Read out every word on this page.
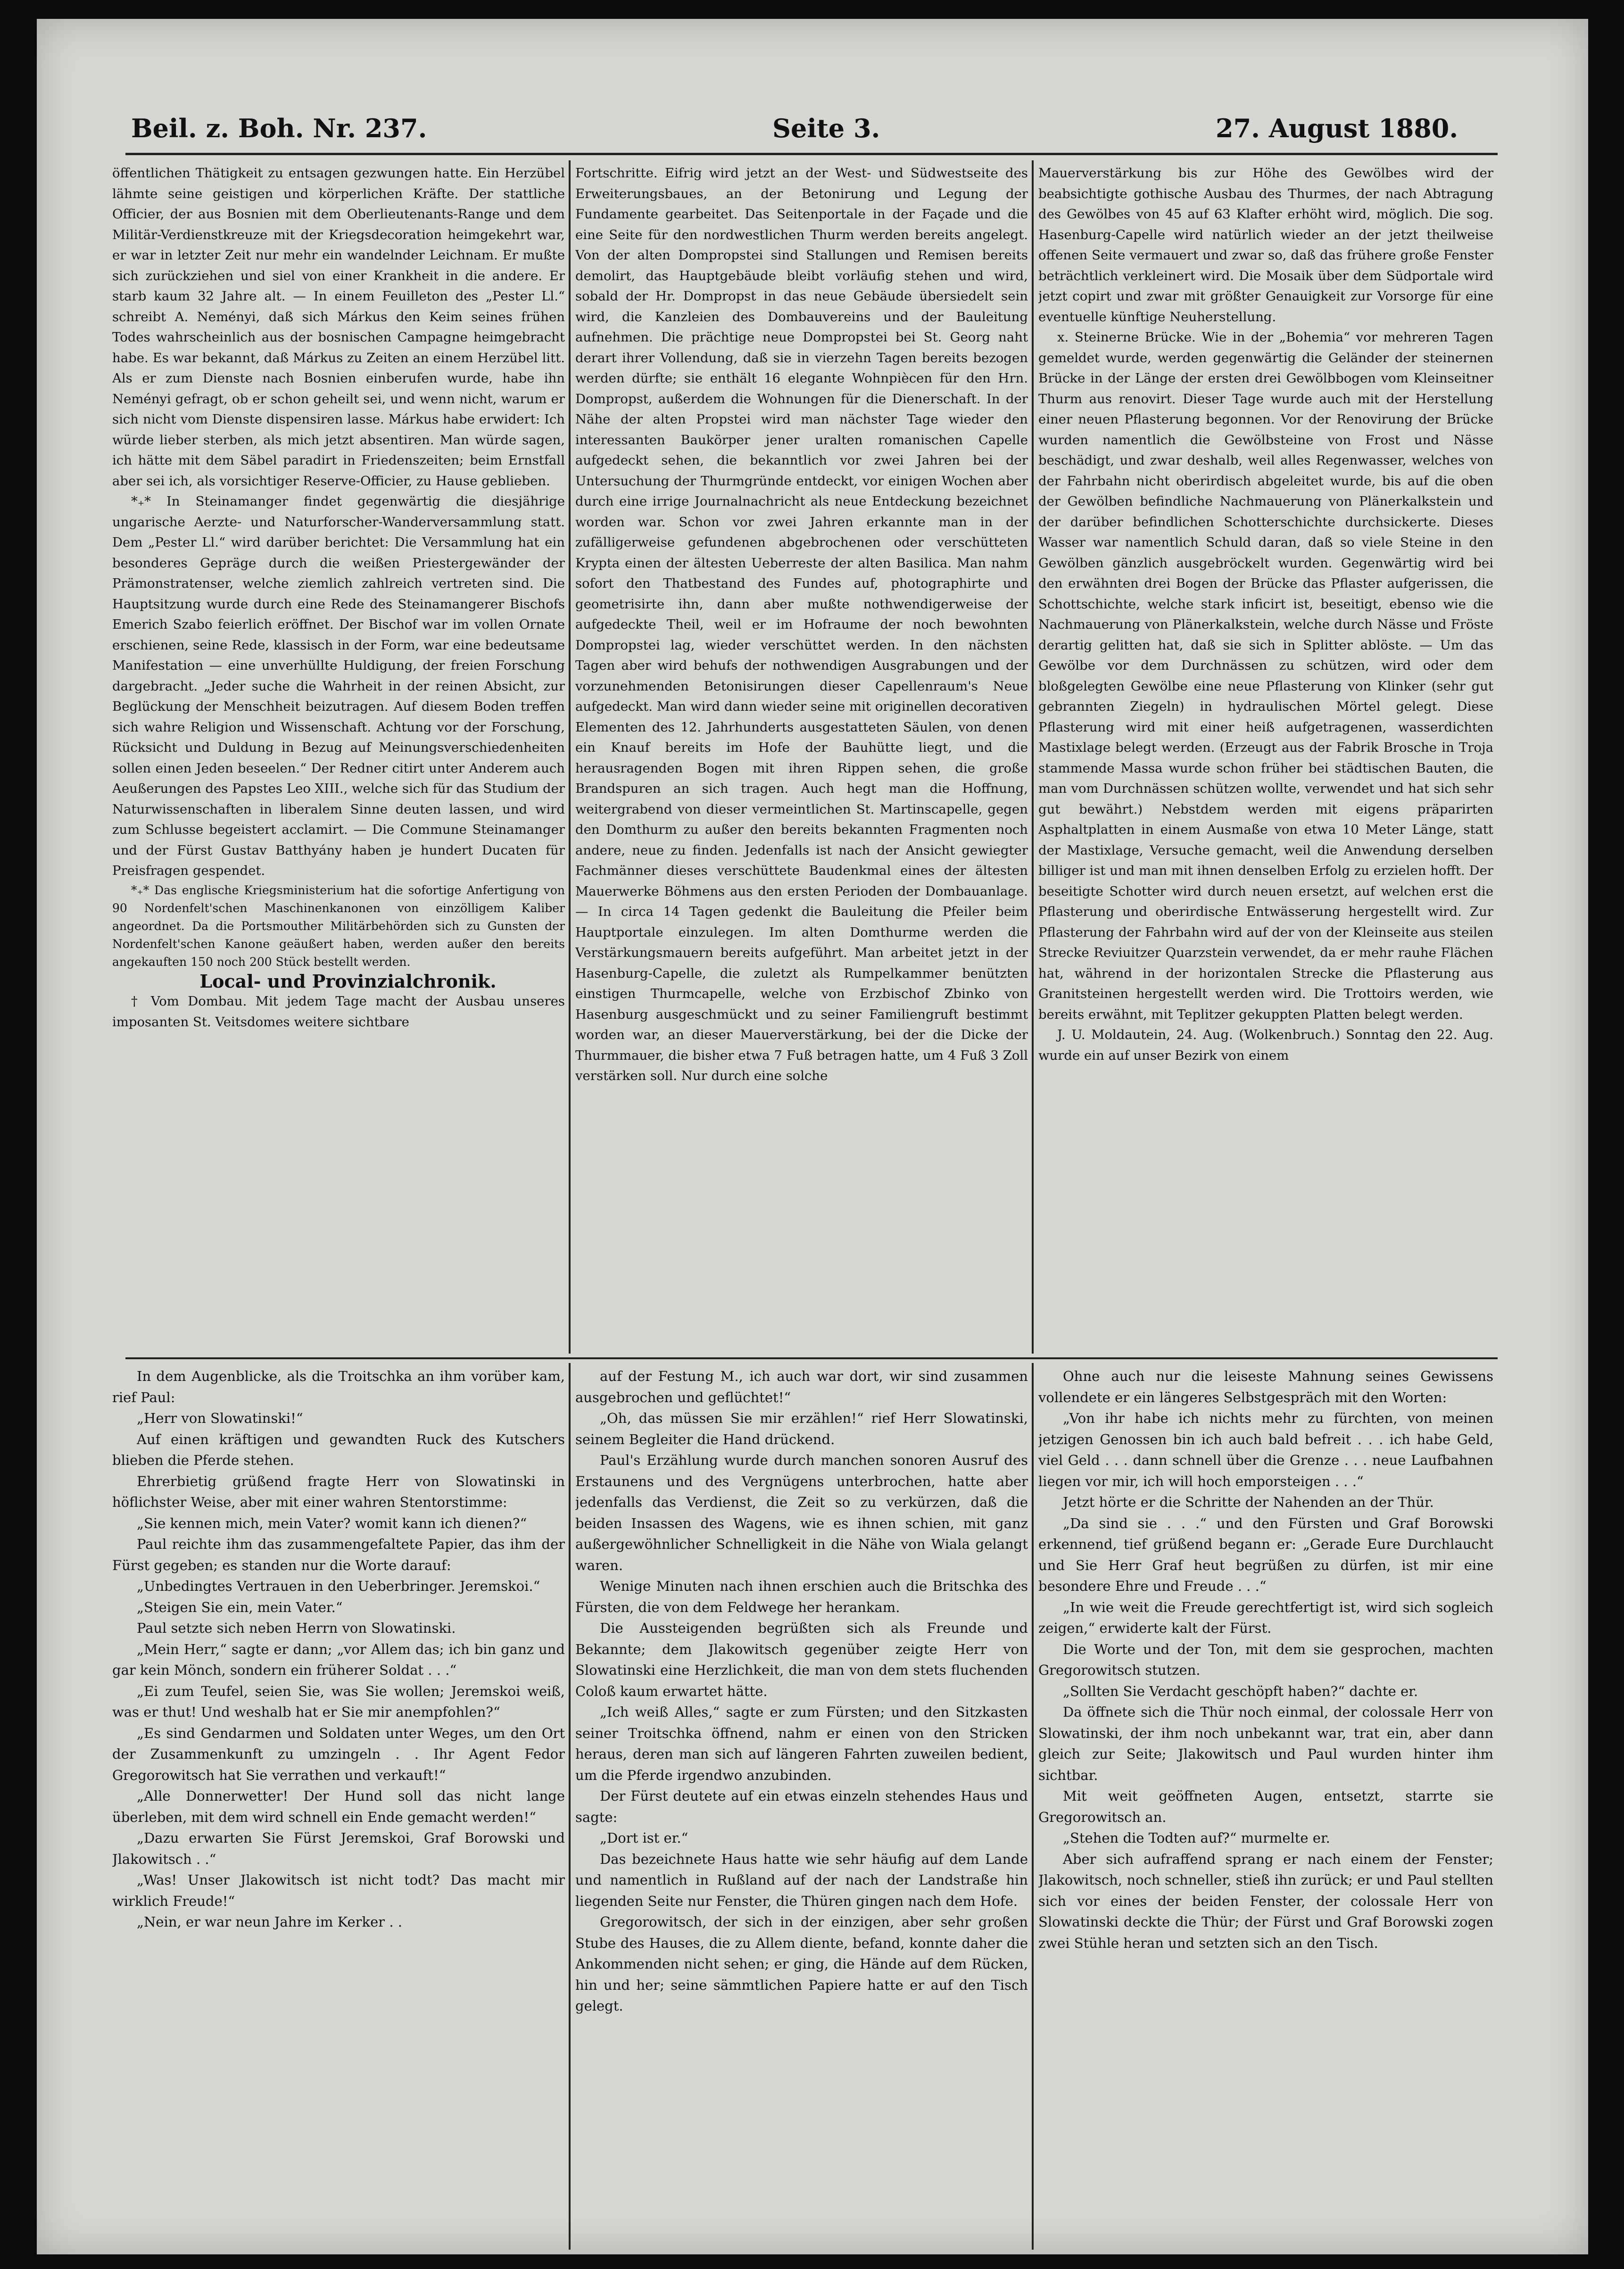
Beil. z. Boh. Nr. 237.	Seite 3.	27. August 1880.

öffentlichen Thätigkeit zu entsagen gezwungen hatte. Ein Herzübel lähmte seine geistigen und körperlichen Kräfte. Der stattliche Officier, der aus Bosnien mit dem Oberlieutenants-Range und dem Militär-Verdienstkreuze mit der Kriegsdecoration heimgekehrt war, er war in letzter Zeit nur mehr ein wandelnder Leichnam. Er mußte sich zurückziehen und siel von einer Krankheit in die andere. Er starb kaum 32 Jahre alt. — In einem Feuilleton des „Pester Ll.“ schreibt A. Neményi, daß sich Márkus den Keim seines frühen Todes wahrscheinlich aus der bosnischen Campagne heimgebracht habe. Es war bekannt, daß Márkus zu Zeiten an einem Herzübel litt. Als er zum Dienste nach Bosnien einberufen wurde, habe ihn Neményi gefragt, ob er schon geheilt sei, und wenn nicht, warum er sich nicht vom Dienste dispensiren lasse. Márkus habe erwidert: Ich würde lieber sterben, als mich jetzt absentiren. Man würde sagen, ich hätte mit dem Säbel paradirt in Friedenszeiten; beim Ernstfall aber sei ich, als vorsichtiger Reserve-Officier, zu Hause geblieben.

*₊* In Steinamanger findet gegenwärtig die diesjährige ungarische Aerzte- und Naturforscher-Wanderversammlung statt. Dem „Pester Ll.“ wird darüber berichtet: Die Versammlung hat ein besonderes Gepräge durch die weißen Priestergewänder der Prämonstratenser, welche ziemlich zahlreich vertreten sind. Die Hauptsitzung wurde durch eine Rede des Steinamangerer Bischofs Emerich Szabo feierlich eröffnet. Der Bischof war im vollen Ornate erschienen, seine Rede, klassisch in der Form, war eine bedeutsame Manifestation — eine unverhüllte Huldigung, der freien Forschung dargebracht. „Jeder suche die Wahrheit in der reinen Absicht, zur Beglückung der Menschheit beizutragen. Auf diesem Boden treffen sich wahre Religion und Wissenschaft. Achtung vor der Forschung, Rücksicht und Duldung in Bezug auf Meinungsverschiedenheiten sollen einen Jeden beseelen.“ Der Redner citirt unter Anderem auch Aeußerungen des Papstes Leo XIII., welche sich für das Studium der Naturwissenschaften in liberalem Sinne deuten lassen, und wird zum Schlusse begeistert acclamirt. — Die Commune Steinamanger und der Fürst Gustav Batthyány haben je hundert Ducaten für Preisfragen gespendet.

*₊* Das englische Kriegsministerium hat die sofortige Anfertigung von 90 Nordenfelt'schen Maschinenkanonen von einzölligem Kaliber angeordnet. Da die Portsmouther Militärbehörden sich zu Gunsten der Nordenfelt'schen Kanone geäußert haben, werden außer den bereits angekauften 150 noch 200 Stück bestellt werden.

Local- und Provinzialchronik.

† Vom Dombau. Mit jedem Tage macht der Ausbau unseres imposanten St. Veitsdomes weitere sichtbare

Fortschritte. Eifrig wird jetzt an der West- und Südwestseite des Erweiterungsbaues, an der Betonirung und Legung der Fundamente gearbeitet. Das Seitenportale in der Façade und die eine Seite für den nordwestlichen Thurm werden bereits angelegt. Von der alten Dompropstei sind Stallungen und Remisen bereits demolirt, das Hauptgebäude bleibt vorläufig stehen und wird, sobald der Hr. Dompropst in das neue Gebäude übersiedelt sein wird, die Kanzleien des Dombauvereins und der Bauleitung aufnehmen. Die prächtige neue Dompropstei bei St. Georg naht derart ihrer Vollendung, daß sie in vierzehn Tagen bereits bezogen werden dürfte; sie enthält 16 elegante Wohnpiècen für den Hrn. Dompropst, außerdem die Wohnungen für die Dienerschaft. In der Nähe der alten Propstei wird man nächster Tage wieder den interessanten Baukörper jener uralten romanischen Capelle aufgedeckt sehen, die bekanntlich vor zwei Jahren bei der Untersuchung der Thurmgründe entdeckt, vor einigen Wochen aber durch eine irrige Journalnachricht als neue Entdeckung bezeichnet worden war. Schon vor zwei Jahren erkannte man in der zufälligerweise gefundenen abgebrochenen oder verschütteten Krypta einen der ältesten Ueberreste der alten Basilica. Man nahm sofort den Thatbestand des Fundes auf, photographirte und geometrisirte ihn, dann aber mußte nothwendigerweise der aufgedeckte Theil, weil er im Hofraume der noch bewohnten Dompropstei lag, wieder verschüttet werden. In den nächsten Tagen aber wird behufs der nothwendigen Ausgrabungen und der vorzunehmenden Betonisirungen dieser Capellenraum's Neue aufgedeckt. Man wird dann wieder seine mit originellen decorativen Elementen des 12. Jahrhunderts ausgestatteten Säulen, von denen ein Knauf bereits im Hofe der Bauhütte liegt, und die herausragenden Bogen mit ihren Rippen sehen, die große Brandspuren an sich tragen. Auch hegt man die Hoffnung, weitergrabend von dieser vermeintlichen St. Martinscapelle, gegen den Domthurm zu außer den bereits bekannten Fragmenten noch andere, neue zu finden. Jedenfalls ist nach der Ansicht gewiegter Fachmänner dieses verschüttete Baudenkmal eines der ältesten Mauerwerke Böhmens aus den ersten Perioden der Dombauanlage. — In circa 14 Tagen gedenkt die Bauleitung die Pfeiler beim Hauptportale einzulegen. Im alten Domthurme werden die Verstärkungsmauern bereits aufgeführt. Man arbeitet jetzt in der Hasenburg-Capelle, die zuletzt als Rumpelkammer benützten einstigen Thurmcapelle, welche von Erzbischof Zbinko von Hasenburg ausgeschmückt und zu seiner Familiengruft bestimmt worden war, an dieser Mauerverstärkung, bei der die Dicke der Thurmmauer, die bisher etwa 7 Fuß betragen hatte, um 4 Fuß 3 Zoll verstärken soll. Nur durch eine solche

Mauerverstärkung bis zur Höhe des Gewölbes wird der beabsichtigte gothische Ausbau des Thurmes, der nach Abtragung des Gewölbes von 45 auf 63 Klafter erhöht wird, möglich. Die sog. Hasenburg-Capelle wird natürlich wieder an der jetzt theilweise offenen Seite vermauert und zwar so, daß das frühere große Fenster beträchtlich verkleinert wird. Die Mosaik über dem Südportale wird jetzt copirt und zwar mit größter Genauigkeit zur Vorsorge für eine eventuelle künftige Neuherstellung.

x. Steinerne Brücke. Wie in der „Bohemia“ vor mehreren Tagen gemeldet wurde, werden gegenwärtig die Geländer der steinernen Brücke in der Länge der ersten drei Gewölbbogen vom Kleinseitner Thurm aus renovirt. Dieser Tage wurde auch mit der Herstellung einer neuen Pflasterung begonnen. Vor der Renovirung der Brücke wurden namentlich die Gewölbsteine von Frost und Nässe beschädigt, und zwar deshalb, weil alles Regenwasser, welches von der Fahrbahn nicht oberirdisch abgeleitet wurde, bis auf die oben der Gewölben befindliche Nachmauerung von Plänerkalkstein und der darüber befindlichen Schotterschichte durchsickerte. Dieses Wasser war namentlich Schuld daran, daß so viele Steine in den Gewölben gänzlich ausgebröckelt wurden. Gegenwärtig wird bei den erwähnten drei Bogen der Brücke das Pflaster aufgerissen, die Schottschichte, welche stark inficirt ist, beseitigt, ebenso wie die Nachmauerung von Plänerkalkstein, welche durch Nässe und Fröste derartig gelitten hat, daß sie sich in Splitter ablöste. — Um das Gewölbe vor dem Durchnässen zu schützen, wird oder dem bloßgelegten Gewölbe eine neue Pflasterung von Klinker (sehr gut gebrannten Ziegeln) in hydraulischen Mörtel gelegt. Diese Pflasterung wird mit einer heiß aufgetragenen, wasserdichten Mastixlage belegt werden. (Erzeugt aus der Fabrik Brosche in Troja stammende Massa wurde schon früher bei städtischen Bauten, die man vom Durchnässen schützen wollte, verwendet und hat sich sehr gut bewährt.) Nebstdem werden mit eigens präparirten Asphaltplatten in einem Ausmaße von etwa 10 Meter Länge, statt der Mastixlage, Versuche gemacht, weil die Anwendung derselben billiger ist und man mit ihnen denselben Erfolg zu erzielen hofft. Der beseitigte Schotter wird durch neuen ersetzt, auf welchen erst die Pflasterung und oberirdische Entwässerung hergestellt wird. Zur Pflasterung der Fahrbahn wird auf der von der Kleinseite aus steilen Strecke Reviuitzer Quarzstein verwendet, da er mehr rauhe Flächen hat, während in der horizontalen Strecke die Pflasterung aus Granitsteinen hergestellt werden wird. Die Trottoirs werden, wie bereits erwähnt, mit Teplitzer gekuppten Platten belegt werden.

J. U. Moldautein, 24. Aug. (Wolkenbruch.) Sonntag den 22. Aug. wurde ein auf unser Bezirk von einem

In dem Augenblicke, als die Troitschka an ihm vorüber kam, rief Paul:

„Herr von Slowatinski!“

Auf einen kräftigen und gewandten Ruck des Kutschers blieben die Pferde stehen.

Ehrerbietig grüßend fragte Herr von Slowatinski in höflichster Weise, aber mit einer wahren Stentorstimme:

„Sie kennen mich, mein Vater? womit kann ich dienen?“

Paul reichte ihm das zusammengefaltete Papier, das ihm der Fürst gegeben; es standen nur die Worte darauf:

„Unbedingtes Vertrauen in den Ueberbringer. Jeremskoi.“

„Steigen Sie ein, mein Vater.“

Paul setzte sich neben Herrn von Slowatinski.

„Mein Herr,“ sagte er dann; „vor Allem das; ich bin ganz und gar kein Mönch, sondern ein früherer Soldat . . .“

„Ei zum Teufel, seien Sie, was Sie wollen; Jeremskoi weiß, was er thut! Und weshalb hat er Sie mir anempfohlen?“

„Es sind Gendarmen und Soldaten unter Weges, um den Ort der Zusammenkunft zu umzingeln . . Ihr Agent Fedor Gregorowitsch hat Sie verrathen und verkauft!“

„Alle Donnerwetter! Der Hund soll das nicht lange überleben, mit dem wird schnell ein Ende gemacht werden!“

„Dazu erwarten Sie Fürst Jeremskoi, Graf Borowski und Jlakowitsch . .“

„Was! Unser Jlakowitsch ist nicht todt? Das macht mir wirklich Freude!“

„Nein, er war neun Jahre im Kerker . .

auf der Festung M., ich auch war dort, wir sind zusammen ausgebrochen und geflüchtet!“

„Oh, das müssen Sie mir erzählen!“ rief Herr Slowatinski, seinem Begleiter die Hand drückend.

Paul's Erzählung wurde durch manchen sonoren Ausruf des Erstaunens und des Vergnügens unterbrochen, hatte aber jedenfalls das Verdienst, die Zeit so zu verkürzen, daß die beiden Insassen des Wagens, wie es ihnen schien, mit ganz außergewöhnlicher Schnelligkeit in die Nähe von Wiala gelangt waren.

Wenige Minuten nach ihnen erschien auch die Britschka des Fürsten, die von dem Feldwege her herankam.

Die Aussteigenden begrüßten sich als Freunde und Bekannte; dem Jlakowitsch gegenüber zeigte Herr von Slowatinski eine Herzlichkeit, die man von dem stets fluchenden Coloß kaum erwartet hätte.

„Ich weiß Alles,“ sagte er zum Fürsten; und den Sitzkasten seiner Troitschka öffnend, nahm er einen von den Stricken heraus, deren man sich auf längeren Fahrten zuweilen bedient, um die Pferde irgendwo anzubinden.

Der Fürst deutete auf ein etwas einzeln stehendes Haus und sagte:

„Dort ist er.“

Das bezeichnete Haus hatte wie sehr häufig auf dem Lande und namentlich in Rußland auf der nach der Landstraße hin liegenden Seite nur Fenster, die Thüren gingen nach dem Hofe.

Gregorowitsch, der sich in der einzigen, aber sehr großen Stube des Hauses, die zu Allem diente, befand, konnte daher die Ankommenden nicht sehen; er ging, die Hände auf dem Rücken, hin und her; seine sämmtlichen Papiere hatte er auf den Tisch gelegt.

Ohne auch nur die leiseste Mahnung seines Gewissens vollendete er ein längeres Selbstgespräch mit den Worten:

„Von ihr habe ich nichts mehr zu fürchten, von meinen jetzigen Genossen bin ich auch bald befreit . . . ich habe Geld, viel Geld . . . dann schnell über die Grenze . . . neue Laufbahnen liegen vor mir, ich will hoch emporsteigen . . .“

Jetzt hörte er die Schritte der Nahenden an der Thür.

„Da sind sie . . .“ und den Fürsten und Graf Borowski erkennend, tief grüßend begann er: „Gerade Eure Durchlaucht und Sie Herr Graf heut begrüßen zu dürfen, ist mir eine besondere Ehre und Freude . . .“

„In wie weit die Freude gerechtfertigt ist, wird sich sogleich zeigen,“ erwiderte kalt der Fürst.

Die Worte und der Ton, mit dem sie gesprochen, machten Gregorowitsch stutzen.

„Sollten Sie Verdacht geschöpft haben?“ dachte er.

Da öffnete sich die Thür noch einmal, der colossale Herr von Slowatinski, der ihm noch unbekannt war, trat ein, aber dann gleich zur Seite; Jlakowitsch und Paul wurden hinter ihm sichtbar.

Mit weit geöffneten Augen, entsetzt, starrte sie Gregorowitsch an.

„Stehen die Todten auf?“ murmelte er.

Aber sich aufraffend sprang er nach einem der Fenster; Jlakowitsch, noch schneller, stieß ihn zurück; er und Paul stellten sich vor eines der beiden Fenster, der colossale Herr von Slowatinski deckte die Thür; der Fürst und Graf Borowski zogen zwei Stühle heran und setzten sich an den Tisch.
